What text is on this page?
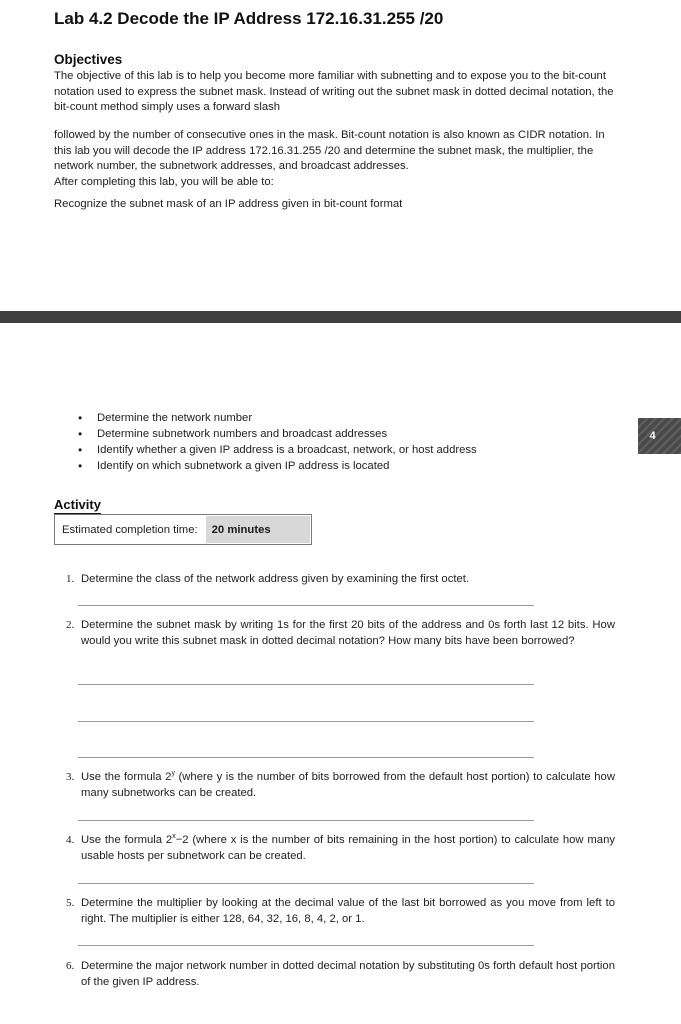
Lab 4.2 Decode the IP Address 172.16.31.255 /20
Objectives
The objective of this lab is to help you become more familiar with subnetting and to expose you to the bit-count notation used to express the subnet mask. Instead of writing out the subnet mask in dotted decimal notation, the bit-count method simply uses a forward slash
followed by the number of consecutive ones in the mask. Bit-count notation is also known as CIDR notation. In this lab you will decode the IP address 172.16.31.255 /20 and determine the subnet mask, the multiplier, the network number, the subnetwork addresses, and broadcast addresses.
After completing this lab, you will be able to:
Recognize the subnet mask of an IP address given in bit-count format
• Determine the network number
• Determine subnetwork numbers and broadcast addresses
• Identify whether a given IP address is a broadcast, network, or host address
• Identify on which subnetwork a given IP address is located
4
Activity
Estimated completion time:	20 minutes
1. Determine the class of the network address given by examining the first octet.
2. Determine the subnet mask by writing 1s for the first 20 bits of the address and 0s forth last 12 bits. How would you write this subnet mask in dotted decimal notation? How many bits have been borrowed?
3. Use the formula 2$^y$ (where y is the number of bits borrowed from the default host portion) to calculate how many subnetworks can be created.
4. Use the formula $2^x-2$ (where x is the number of bits remaining in the host portion) to calculate how many usable hosts per subnetwork can be created.
5. Determine the multiplier by looking at the decimal value of the last bit borrowed as you move from left to right. The multiplier is either 128, 64, 32, 16, 8, 4, 2, or 1.
6. Determine the major network number in dotted decimal notation by substituting 0s forth default host portion of the given IP address.
